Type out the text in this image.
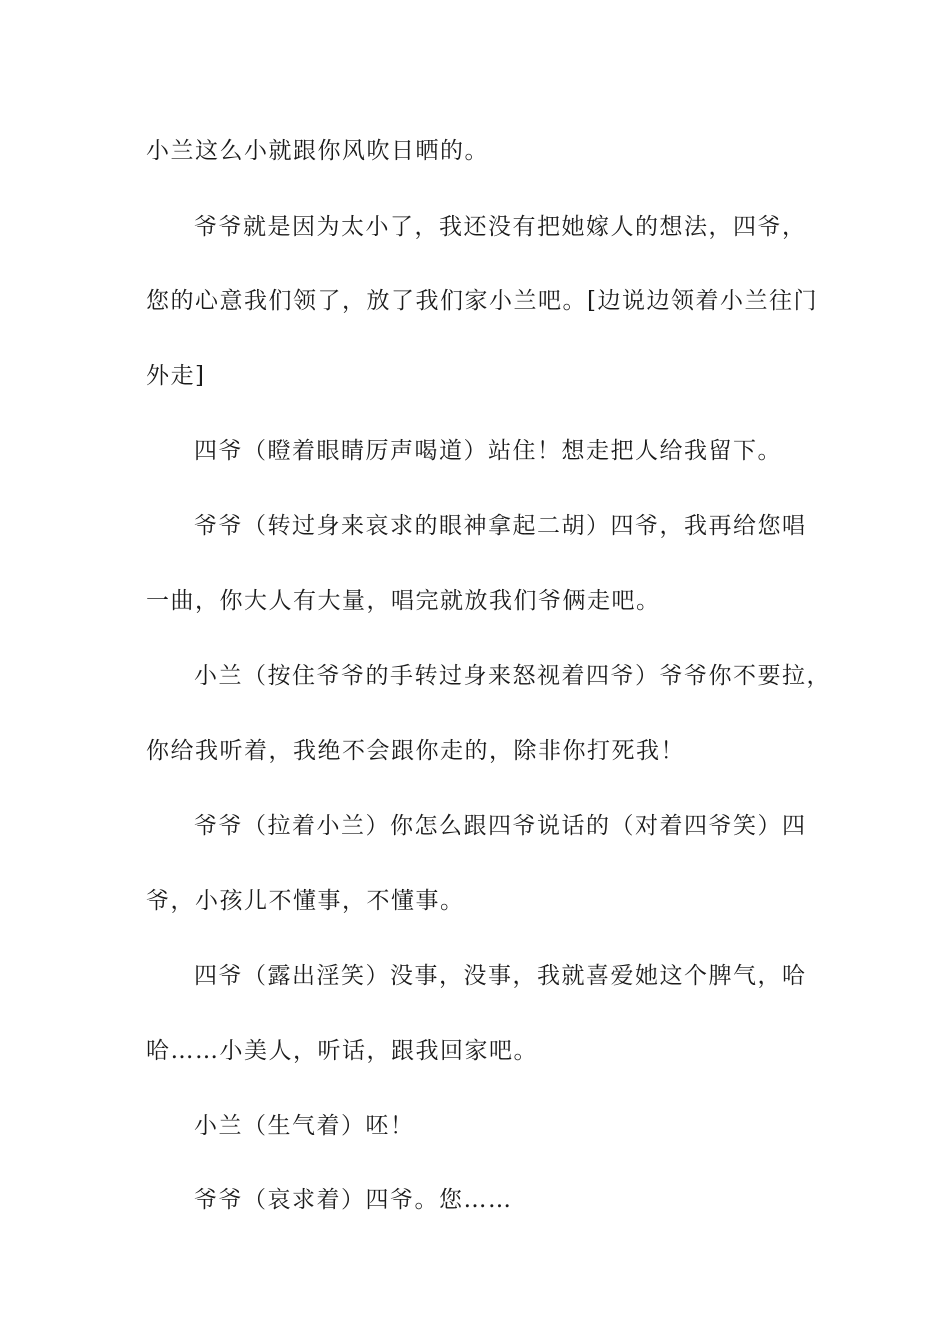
小兰这么小就跟你风吹日晒的。
爷爷就是因为太小了，我还没有把她嫁人的想法，四爷，
您的心意我们领了，放了我们家小兰吧。[边说边领着小兰往门
外走]
四爷（瞪着眼睛厉声喝道）站住！想走把人给我留下。
爷爷（转过身来哀求的眼神拿起二胡）四爷，我再给您唱
一曲，你大人有大量，唱完就放我们爷俩走吧。
小兰（按住爷爷的手转过身来怒视着四爷）爷爷你不要拉，
你给我听着，我绝不会跟你走的，除非你打死我！
爷爷（拉着小兰）你怎么跟四爷说话的（对着四爷笑）四
爷，小孩儿不懂事，不懂事。
四爷（露出淫笑）没事，没事，我就喜爱她这个脾气，哈
哈……小美人，听话，跟我回家吧。
小兰（生气着）呸！
爷爷（哀求着）四爷。您……
